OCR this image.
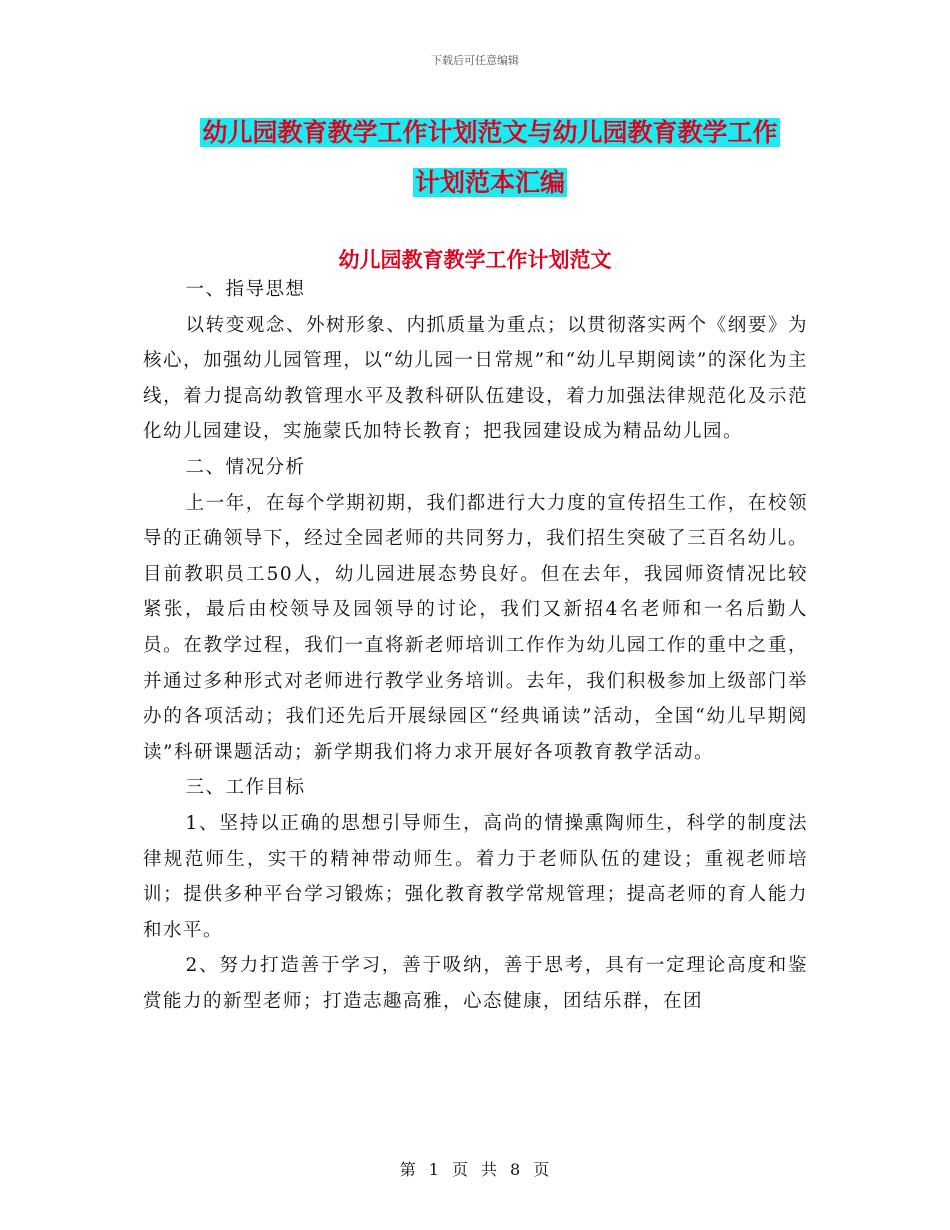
下载后可任意编辑
幼儿园教育教学工作计划范文与幼儿园教育教学工作
计划范本汇编
幼儿园教育教学工作计划范文

一、指导思想

以转变观念、外树形象、内抓质量为重点；以贯彻落实两个《纲要》为核心，加强幼儿园管理，以“幼儿园一日常规”和“幼儿早期阅读”的深化为主线，着力提高幼教管理水平及教科研队伍建设，着力加强法律规范化及示范化幼儿园建设，实施蒙氏加特长教育；把我园建设成为精品幼儿园。

二、情况分析

上一年，在每个学期初期，我们都进行大力度的宣传招生工作，在校领导的正确领导下，经过全园老师的共同努力，我们招生突破了三百名幼儿。目前教职员工50人，幼儿园进展态势良好。但在去年，我园师资情况比较紧张，最后由校领导及园领导的讨论，我们又新招4名老师和一名后勤人员。在教学过程，我们一直将新老师培训工作作为幼儿园工作的重中之重，并通过多种形式对老师进行教学业务培训。去年，我们积极参加上级部门举办的各项活动；我们还先后开展绿园区“经典诵读”活动，全国“幼儿早期阅读”科研课题活动；新学期我们将力求开展好各项教育教学活动。

三、工作目标

1、坚持以正确的思想引导师生，高尚的情操熏陶师生，科学的制度法律规范师生，实干的精神带动师生。着力于老师队伍的建设；重视老师培训；提供多种平台学习锻炼；强化教育教学常规管理；提高老师的育人能力和水平。

2、努力打造善于学习，善于吸纳，善于思考，具有一定理论高度和鉴赏能力的新型老师；打造志趣高雅，心态健康，团结乐群，在团

第 1 页 共 8 页
